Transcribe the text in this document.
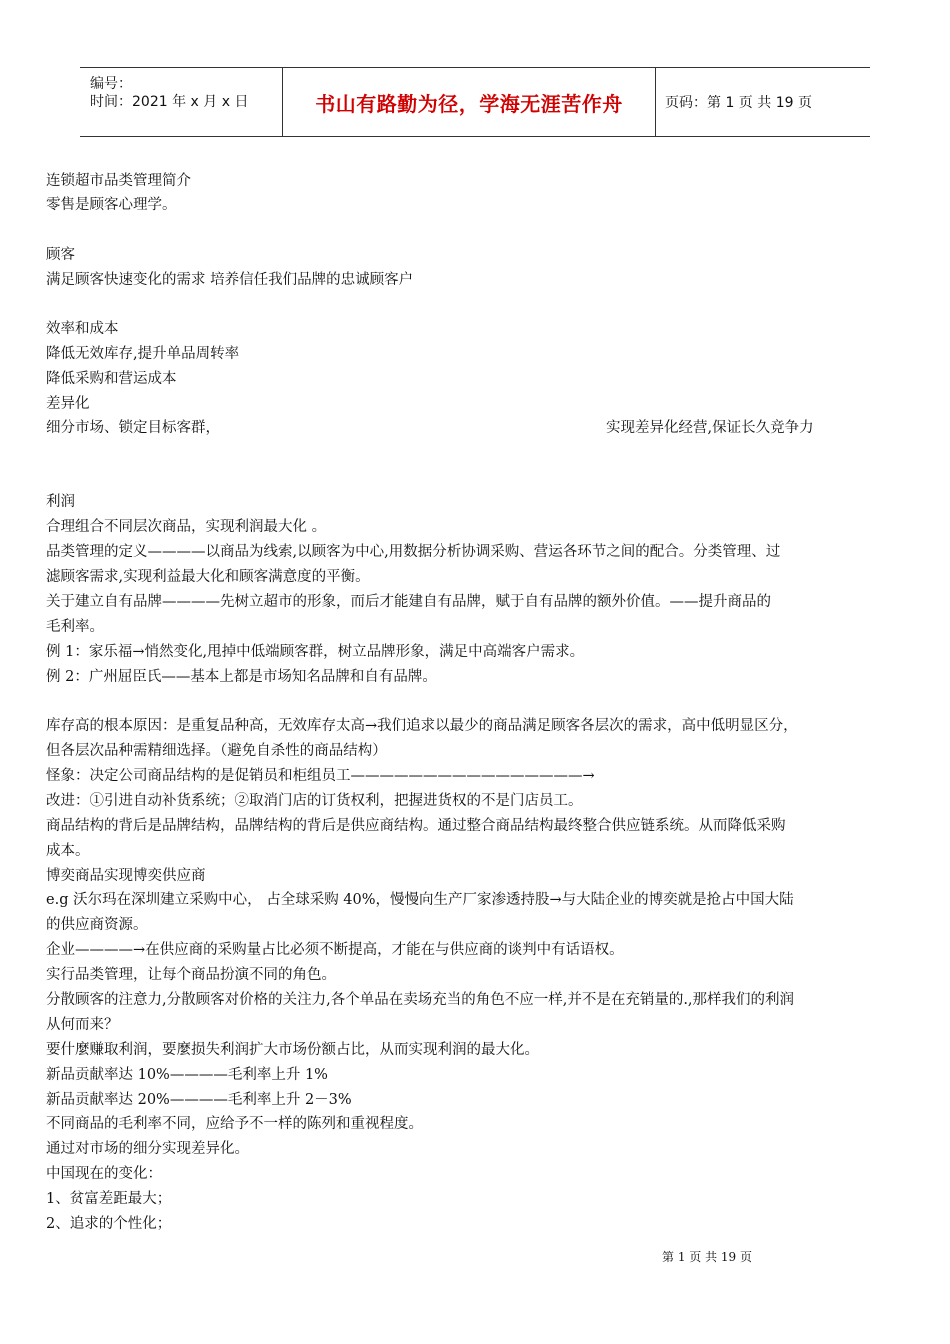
编号：
时间：2021 年 x 月 x 日	书山有路勤为径，学海无涯苦作舟	页码：第 1 页 共 19 页
连锁超市品类管理简介
零售是顾客心理学。
顾客
满足顾客快速变化的需求 培养信任我们品牌的忠诚顾客户
效率和成本
降低无效库存,提升单品周转率
降低采购和营运成本
差异化
细分市场、锁定目标客群，	实现差异化经营,保证长久竞争力
利润
合理组合不同层次商品，实现利润最大化 。
品类管理的定义————以商品为线索,以顾客为中心,用数据分析协调采购、营运各环节之间的配合。分类管理、过
滤顾客需求,实现利益最大化和顾客满意度的平衡。
关于建立自有品牌————先树立超市的形象，而后才能建自有品牌，赋于自有品牌的额外价值。——提升商品的
毛利率。
例 1：家乐福→悄然变化,甩掉中低端顾客群，树立品牌形象，满足中高端客户需求。
例 2：广州屈臣氏——基本上都是市场知名品牌和自有品牌。
库存高的根本原因：是重复品种高，无效库存太高→我们追求以最少的商品满足顾客各层次的需求，高中低明显区分，
但各层次品种需精细选择。（避免自杀性的商品结构）
怪象：决定公司商品结构的是促销员和柜组员工————————————————→
改进：①引进自动补货系统；②取消门店的订货权利，把握进货权的不是门店员工。
商品结构的背后是品牌结构，品牌结构的背后是供应商结构。通过整合商品结构最终整合供应链系统。从而降低采购
成本。
博奕商品实现博奕供应商
e.g 沃尔玛在深圳建立采购中心， 占全球采购 40%，慢慢向生产厂家渗透持股→与大陆企业的博奕就是抢占中国大陆
的供应商资源。
企业————→在供应商的采购量占比必须不断提高，才能在与供应商的谈判中有话语权。
实行品类管理，让每个商品扮演不同的角色。
分散顾客的注意力,分散顾客对价格的关注力,各个单品在卖场充当的角色不应一样,并不是在充销量的.,那样我们的利润
从何而来？
要什麼赚取利润，要麼损失利润扩大市场份额占比，从而实现利润的最大化。
新品贡献率达 10%————毛利率上升 1%
新品贡献率达 20%————毛利率上升 2－3%
不同商品的毛利率不同，应给予不一样的陈列和重视程度。
通过对市场的细分实现差异化。
中国现在的变化：
1、贫富差距最大；
2、追求的个性化；
第 1 页 共 19 页
